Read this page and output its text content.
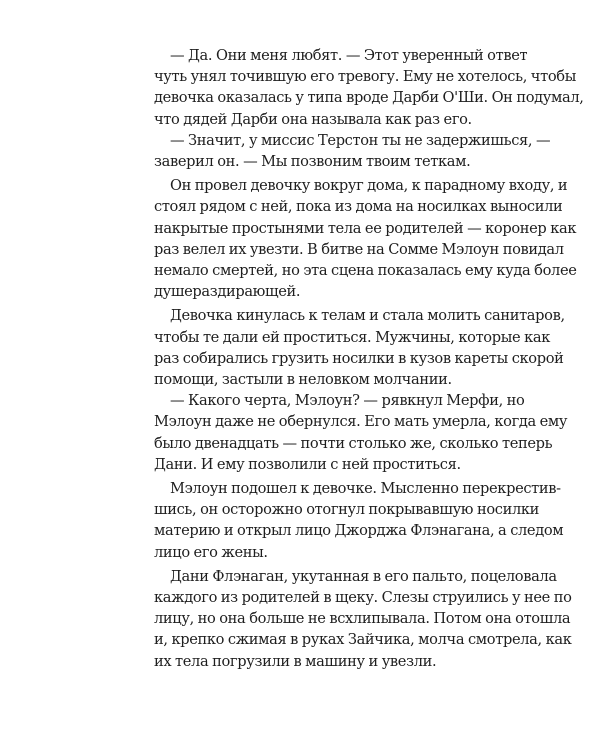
— Да. Они меня любят. — Этот уверенный ответ
чуть унял точившую его тревогу. Ему не хотелось, чтобы
девочка оказалась у типа вроде Дарби О'Ши. Он подумал,
что дядей Дарби она называла как раз его.
— Значит, у миссис Терстон ты не задержишься, —
заверил он. — Мы позвоним твоим теткам.
Он провел девочку вокруг дома, к парадному входу, и
стоял рядом с ней, пока из дома на носилках выносили
накрытые простынями тела ее родителей — коронер как
раз велел их увезти. В битве на Сомме Мэлоун повидал
немало смертей, но эта сцена показалась ему куда более
душераздирающей.
Девочка кинулась к телам и стала молить санитаров,
чтобы те дали ей проститься. Мужчины, которые как
раз собирались грузить носилки в кузов кареты скорой
помощи, застыли в неловком молчании.
— Какого черта, Мэлоун? — рявкнул Мерфи, но
Мэлоун даже не обернулся. Его мать умерла, когда ему
было двенадцать — почти столько же, сколько теперь
Дани. И ему позволили с ней проститься.
Мэлоун подошел к девочке. Мысленно перекрестив-
шись, он осторожно отогнул покрывавшую носилки
материю и открыл лицо Джорджа Флэнагана, а следом
лицо его жены.
Дани Флэнаган, укутанная в его пальто, поцеловала
каждого из родителей в щеку. Слезы струились у нее по
лицу, но она больше не всхлипывала. Потом она отошла
и, крепко сжимая в руках Зайчика, молча смотрела, как
их тела погрузили в машину и увезли.
